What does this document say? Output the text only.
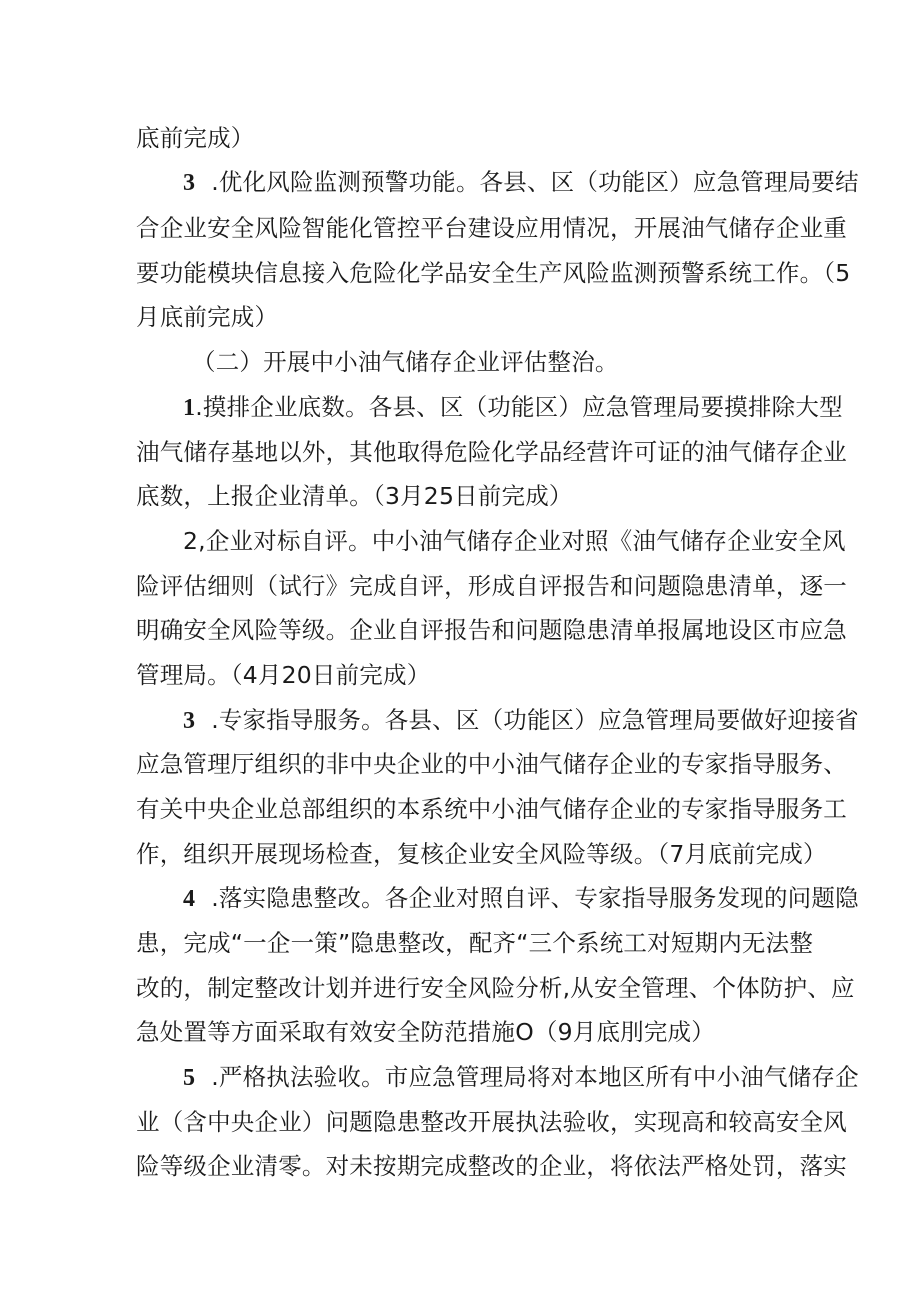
底前完成）
3 .优化风险监测预警功能。各县、区（功能区）应急管理局要结
合企业安全风险智能化管控平台建设应用情况，开展油气储存企业重
要功能模块信息接入危险化学品安全生产风险监测预警系统工作。（5
月底前完成）
（二）开展中小油气储存企业评估整治。
1.摸排企业底数。各县、区（功能区）应急管理局要摸排除大型
油气储存基地以外，其他取得危险化学品经营许可证的油气储存企业
底数，上报企业清单。（3月25日前完成）
2,企业对标自评。中小油气储存企业对照《油气储存企业安全风
险评估细则（试行》完成自评，形成自评报告和问题隐患清单，逐一
明确安全风险等级。企业自评报告和问题隐患清单报属地设区市应急
管理局。（4月20日前完成）
3 .专家指导服务。各县、区（功能区）应急管理局要做好迎接省
应急管理厅组织的非中央企业的中小油气储存企业的专家指导服务、
有关中央企业总部组织的本系统中小油气储存企业的专家指导服务工
作，组织开展现场检查，复核企业安全风险等级。（7月底前完成）
4 .落实隐患整改。各企业对照自评、专家指导服务发现的问题隐
患，完成“一企一策”隐患整改，配齐“三个系统工对短期内无法整
改的，制定整改计划并进行安全风险分析,从安全管理、个体防护、应
急处置等方面采取有效安全防范措施O（9月底刖完成）
5 .严格执法验收。市应急管理局将对本地区所有中小油气储存企
业（含中央企业）问题隐患整改开展执法验收，实现高和较高安全风
险等级企业清零。对未按期完成整改的企业，将依法严格处罚，落实
